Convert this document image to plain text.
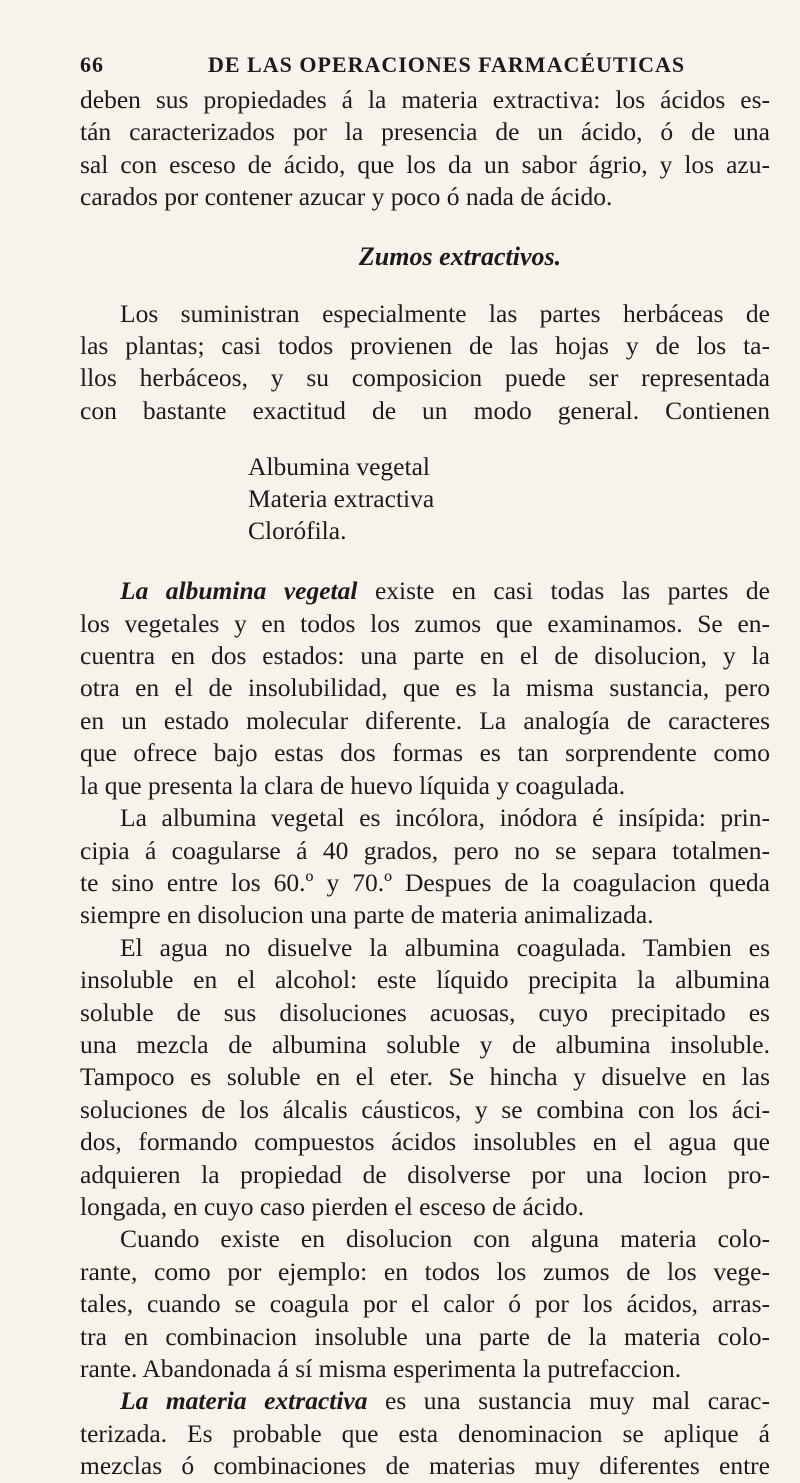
66	DE LAS OPERACIONES FARMACÉUTICAS

deben sus propiedades á la materia extractiva: los ácidos es-
tán caracterizados por la presencia de un ácido, ó de una
sal con esceso de ácido, que los da un sabor ágrio, y los azu-
carados por contener azucar y poco ó nada de ácido.

Zumos extractivos.

Los suministran especialmente las partes herbáceas de
las plantas; casi todos provienen de las hojas y de los ta-
llos herbáceos, y su composicion puede ser representada
con bastante exactitud de un modo general. Contienen

Albumina vegetal
Materia extractiva
Clorófila.

La albumina vegetal existe en casi todas las partes de
los vegetales y en todos los zumos que examinamos. Se en-
cuentra en dos estados: una parte en el de disolucion, y la
otra en el de insolubilidad, que es la misma sustancia, pero
en un estado molecular diferente. La analogía de caracteres
que ofrece bajo estas dos formas es tan sorprendente como
la que presenta la clara de huevo líquida y coagulada.

La albumina vegetal es incólora, inódora é insípida: prin-
cipia á coagularse á 40 grados, pero no se separa totalmen-
te sino entre los 60.º y 70.º Despues de la coagulacion queda
siempre en disolucion una parte de materia animalizada.

El agua no disuelve la albumina coagulada. Tambien es
insoluble en el alcohol: este líquido precipita la albumina
soluble de sus disoluciones acuosas, cuyo precipitado es
una mezcla de albumina soluble y de albumina insoluble.
Tampoco es soluble en el eter. Se hincha y disuelve en las
soluciones de los álcalis cáusticos, y se combina con los áci-
dos, formando compuestos ácidos insolubles en el agua que
adquieren la propiedad de disolverse por una locion pro-
longada, en cuyo caso pierden el esceso de ácido.

Cuando existe en disolucion con alguna materia colo-
rante, como por ejemplo: en todos los zumos de los vege-
tales, cuando se coagula por el calor ó por los ácidos, arras-
tra en combinacion insoluble una parte de la materia colo-
rante. Abandonada á sí misma esperimenta la putrefaccion.

La materia extractiva es una sustancia muy mal carac-
terizada. Es probable que esta denominacion se aplique á
mezclas ó combinaciones de materias muy diferentes entre
